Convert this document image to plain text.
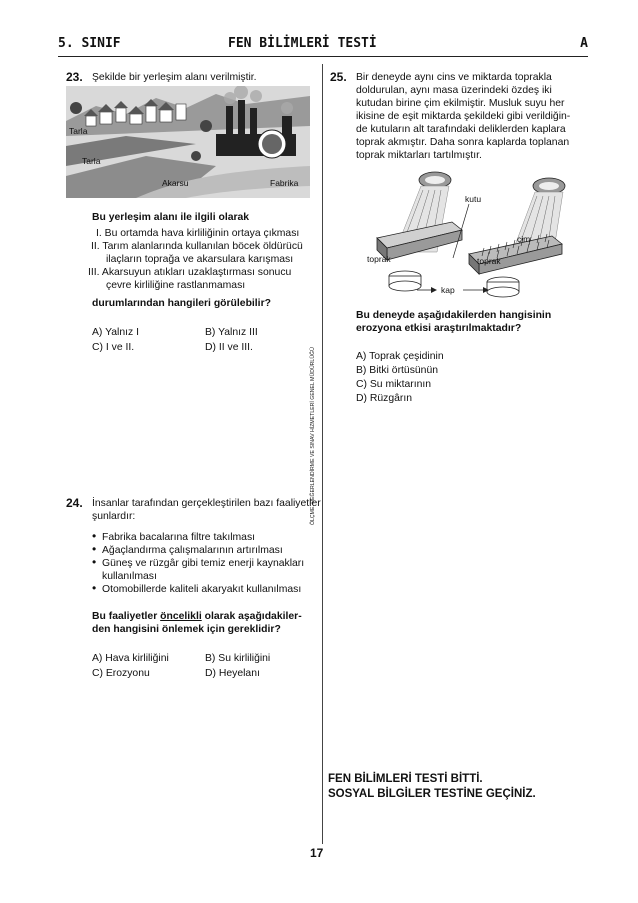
5. SINIF	FEN BİLİMLERİ TESTİ	A
ÖLÇME, DEĞERLENDİRME VE SINAV HİZMETLERİ GENEL MÜDÜRLÜĞÜ
23. Şekilde bir yerleşim alanı verilmiştir.
Tarla
Tarla
Akarsu	Fabrika
Bu yerleşim alanı ile ilgili olarak
I. Bu ortamda hava kirliliğinin ortaya çıkması
II. Tarım alanlarında kullanılan böcek öldürücü
ilaçların toprağa ve akarsulara karışması
III. Akarsuyun atıkları uzaklaştırması sonucu
çevre kirliliğine rastlanmaması
durumlarından hangileri görülebilir?
A) Yalnız I	B) Yalnız III
C) I ve II.	D) II ve III.
24. İnsanlar tarafından gerçekleştirilen bazı faaliyetler
şunlardır:
• Fabrika bacalarına filtre takılması
• Ağaçlandırma çalışmalarının artırılması
• Güneş ve rüzgâr gibi temiz enerji kaynakları
kullanılması
• Otomobillerde kaliteli akaryakıt kullanılması
Bu faaliyetler öncelikli olarak aşağıdakiler-
den hangisini önlemek için gereklidir?
A) Hava kirliliğini	B) Su kirliliğini
C) Erozyonu	D) Heyelanı
25. Bir deneyde aynı cins ve miktarda toprakla
doldurulan, aynı masa üzerindeki özdeş iki
kutudan birine çim ekilmiştir. Musluk suyu her
ikisine de eşit miktarda şekildeki gibi verildiğin-
de kutuların alt tarafındaki deliklerden kaplara
toprak akmıştır. Daha sonra kaplarda toplanan
toprak miktarları tartılmıştır.
kutu
çim
toprak	toprak
kap
Bu deneyde aşağıdakilerden hangisinin
erozyona etkisi araştırılmaktadır?
A) Toprak çeşidinin
B) Bitki örtüsünün
C) Su miktarının
D) Rüzgârın
FEN BİLİMLERİ TESTİ BİTTİ.
SOSYAL BİLGİLER TESTİNE GEÇİNİZ.
17
